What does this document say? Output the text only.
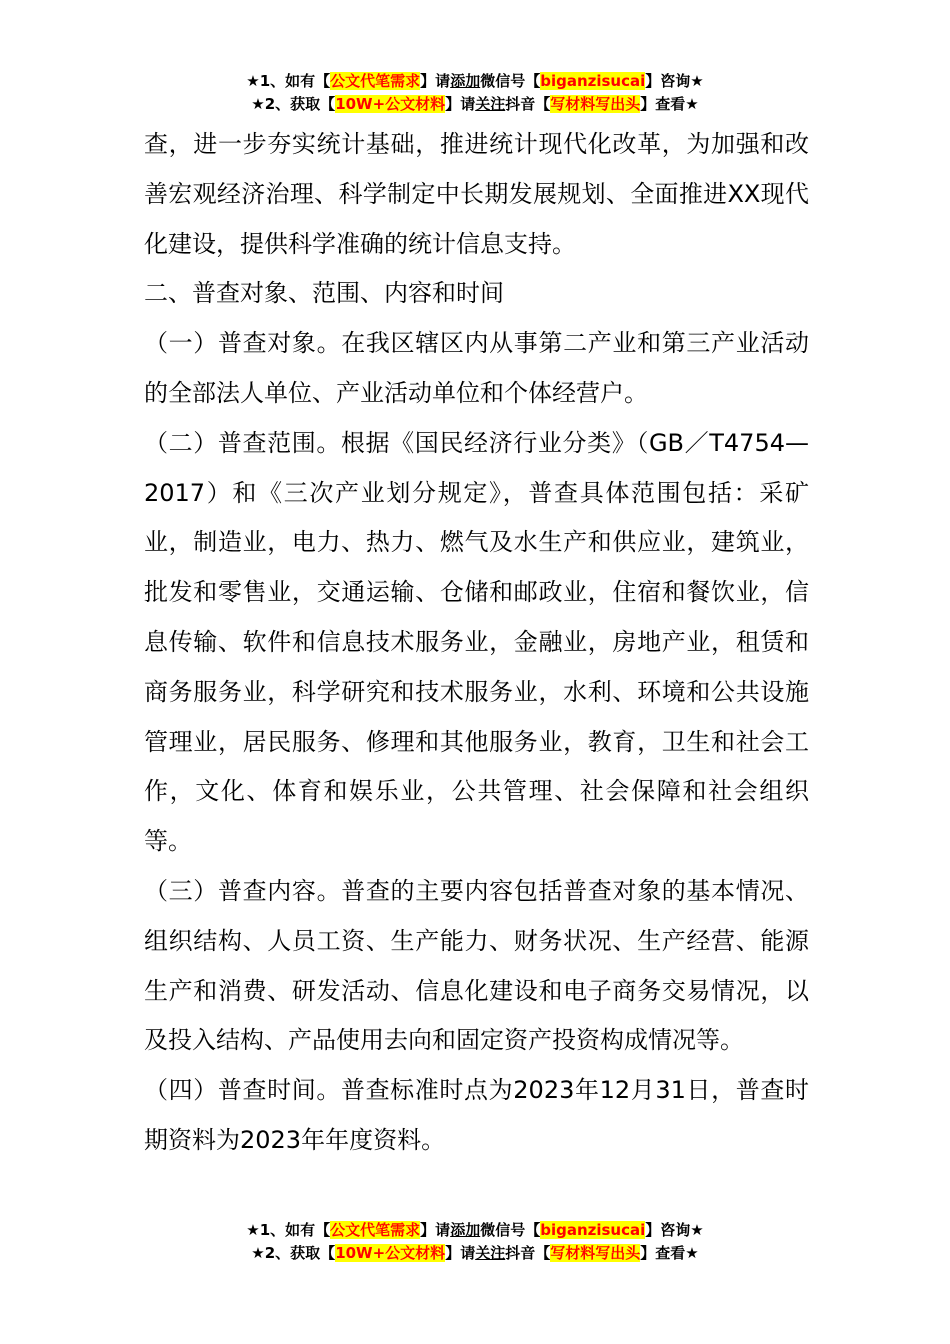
★1、如有【公文代笔需求】请添加微信号【biganzisucai】咨询★
★2、获取【10W+公文材料】请关注抖音【写材料写出头】查看★

查，进一步夯实统计基础，推进统计现代化改革，为加强和改善宏观经济治理、科学制定中长期发展规划、全面推进XX现代化建设，提供科学准确的统计信息支持。

二、普查对象、范围、内容和时间

（一）普查对象。在我区辖区内从事第二产业和第三产业活动的全部法人单位、产业活动单位和个体经营户。

（二）普查范围。根据《国民经济行业分类》（GB／T4754—2017）和《三次产业划分规定》，普查具体范围包括：采矿业，制造业，电力、热力、燃气及水生产和供应业，建筑业，批发和零售业，交通运输、仓储和邮政业，住宿和餐饮业，信息传输、软件和信息技术服务业，金融业，房地产业，租赁和商务服务业，科学研究和技术服务业，水利、环境和公共设施管理业，居民服务、修理和其他服务业，教育，卫生和社会工作，文化、体育和娱乐业，公共管理、社会保障和社会组织等。

（三）普查内容。普查的主要内容包括普查对象的基本情况、组织结构、人员工资、生产能力、财务状况、生产经营、能源生产和消费、研发活动、信息化建设和电子商务交易情况，以及投入结构、产品使用去向和固定资产投资构成情况等。

（四）普查时间。普查标准时点为2023年12月31日，普查时期资料为2023年年度资料。

★1、如有【公文代笔需求】请添加微信号【biganzisucai】咨询★
★2、获取【10W+公文材料】请关注抖音【写材料写出头】查看★
